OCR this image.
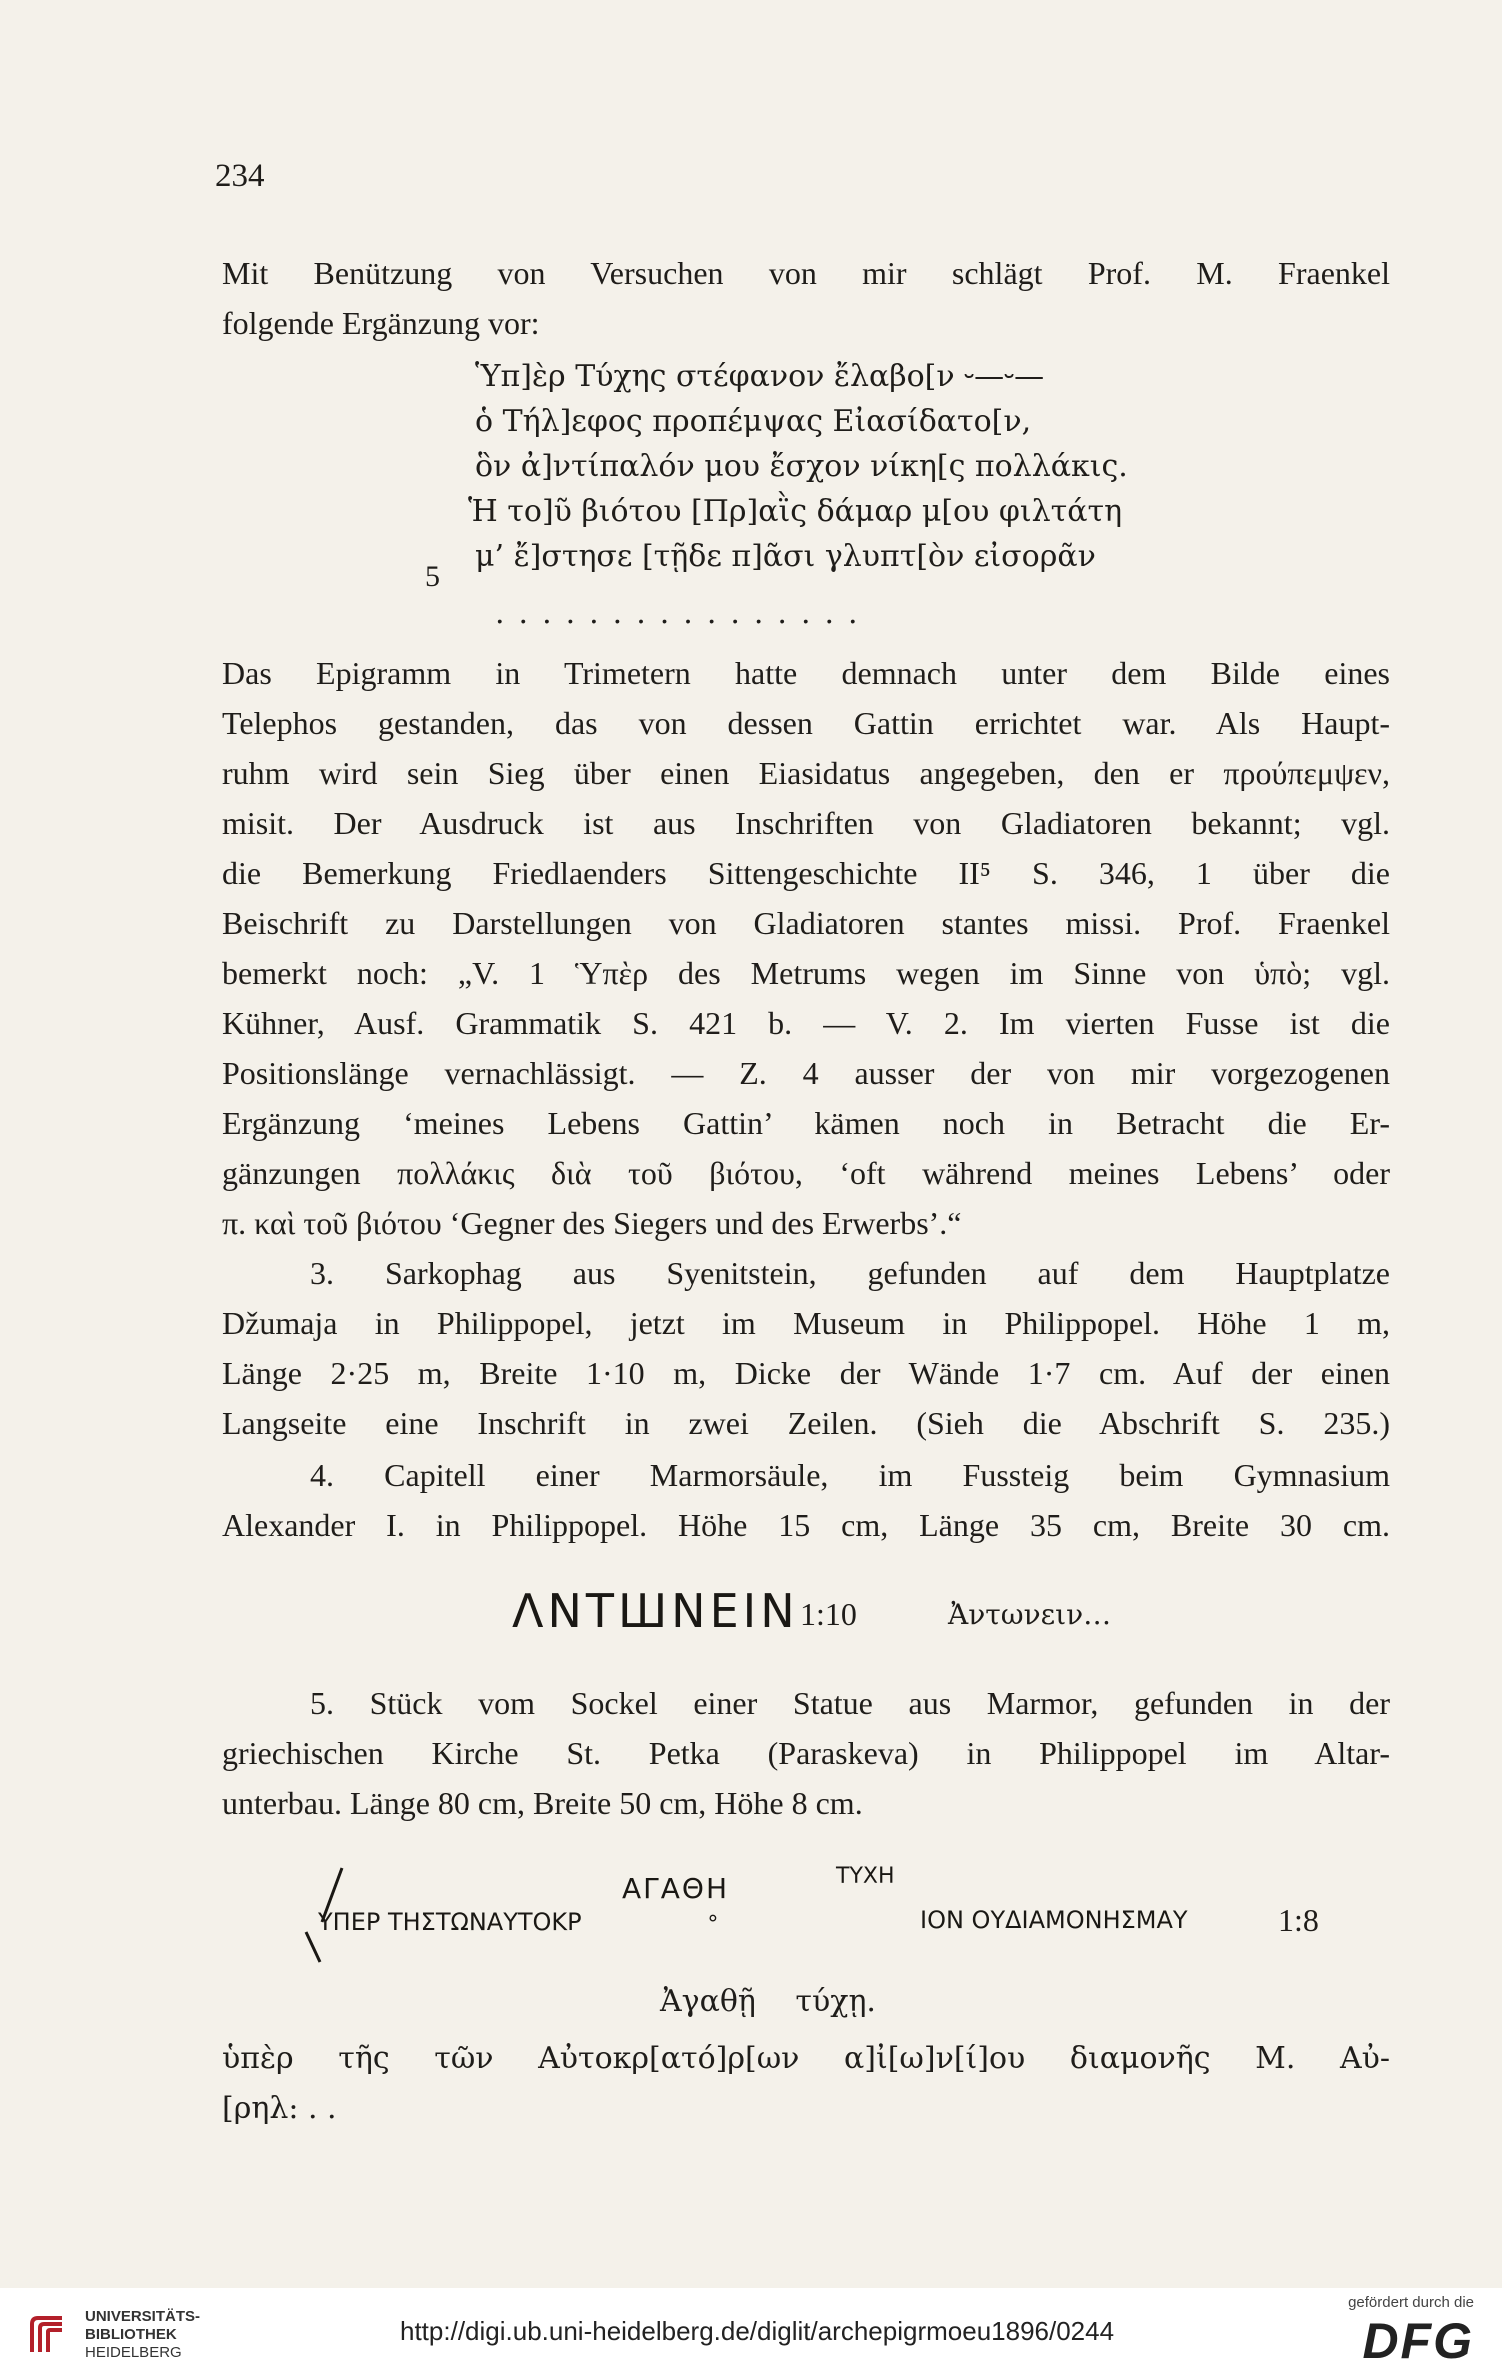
234
Mit Benützung von Versuchen von mir schlägt Prof. M. Fraenkel
folgende Ergänzung vor:
Ὑπ]ὲρ Τύχης στέφανον ἔλαβο[ν ⏑—⏑—
ὁ Τήλ]εφος προπέμψας Εἰασίδατο[ν,
ὃν ἀ]ντίπαλόν μου ἔσχον νίκη[ς πολλάκις.
Ἡ το]ῦ βιότου [Πρ]αῒς δάμαρ μ[ου φιλτάτη
μ’ ἔ]στησε [τῇδε π]ᾶσι γλυπτ[ὸν εἰσορᾶν
5
................
Das Epigramm in Trimetern hatte demnach unter dem Bilde eines
Telephos gestanden, das von dessen Gattin errichtet war. Als Haupt-
ruhm wird sein Sieg über einen Eiasidatus angegeben, den er προύπεμψεν,
misit. Der Ausdruck ist aus Inschriften von Gladiatoren bekannt; vgl.
die Bemerkung Friedlaenders Sittengeschichte II⁵ S. 346, 1 über die
Beischrift zu Darstellungen von Gladiatoren stantes missi. Prof. Fraenkel
bemerkt noch: „V. 1 Ὑπὲρ des Metrums wegen im Sinne von ὑπὸ; vgl.
Kühner, Ausf. Grammatik S. 421 b. — V. 2. Im vierten Fusse ist die
Positionslänge vernachlässigt. — Z. 4 ausser der von mir vorgezogenen
Ergänzung ‘meines Lebens Gattin’ kämen noch in Betracht die Er-
gänzungen πολλάκις διὰ τοῦ βιότου, ‘oft während meines Lebens’ oder
π. καὶ τοῦ βιότου ‘Gegner des Siegers und des Erwerbs’.“
3. Sarkophag aus Syenitstein, gefunden auf dem Hauptplatze
Džumaja in Philippopel, jetzt im Museum in Philippopel. Höhe 1 m,
Länge 2·25 m, Breite 1·10 m, Dicke der Wände 1·7 cm. Auf der einen
Langseite eine Inschrift in zwei Zeilen. (Sieh die Abschrift S. 235.)
4. Capitell einer Marmorsäule, im Fussteig beim Gymnasium
Alexander I. in Philippopel. Höhe 15 cm, Länge 35 cm, Breite 30 cm.
ΛΝΤШΝΕΙΝ 1:10	Ἀντωνειν…
5. Stück vom Sockel einer Statue aus Marmor, gefunden in der
griechischen Kirche St. Petka (Paraskeva) in Philippopel im Altar-
unterbau. Länge 80 cm, Breite 50 cm, Höhe 8 cm.
ΑΓΑΘΗ	ΤΥΧΗ
ΥΠΕΡ ΤΗΣΤΩΝΑΥΤΟΚΡ	∘	ΙΟΝ ΟΥΔΙΑΜΟΝΗΣΜΑΥ	1:8
Ἀγαθῇ τύχῃ.
ὑπὲρ τῆς τῶν Αὐτοκρ[ατό]ρ[ων α]ἰ[ω]ν[ί]ου διαμονῆς Μ. Αὐ-
[ρηλ: . .
UNIVERSITÄTS-
BIBLIOTHEK
HEIDELBERG
http://digi.ub.uni-heidelberg.de/diglit/archepigrmoeu1896/0244
gefördert durch die
DFG
